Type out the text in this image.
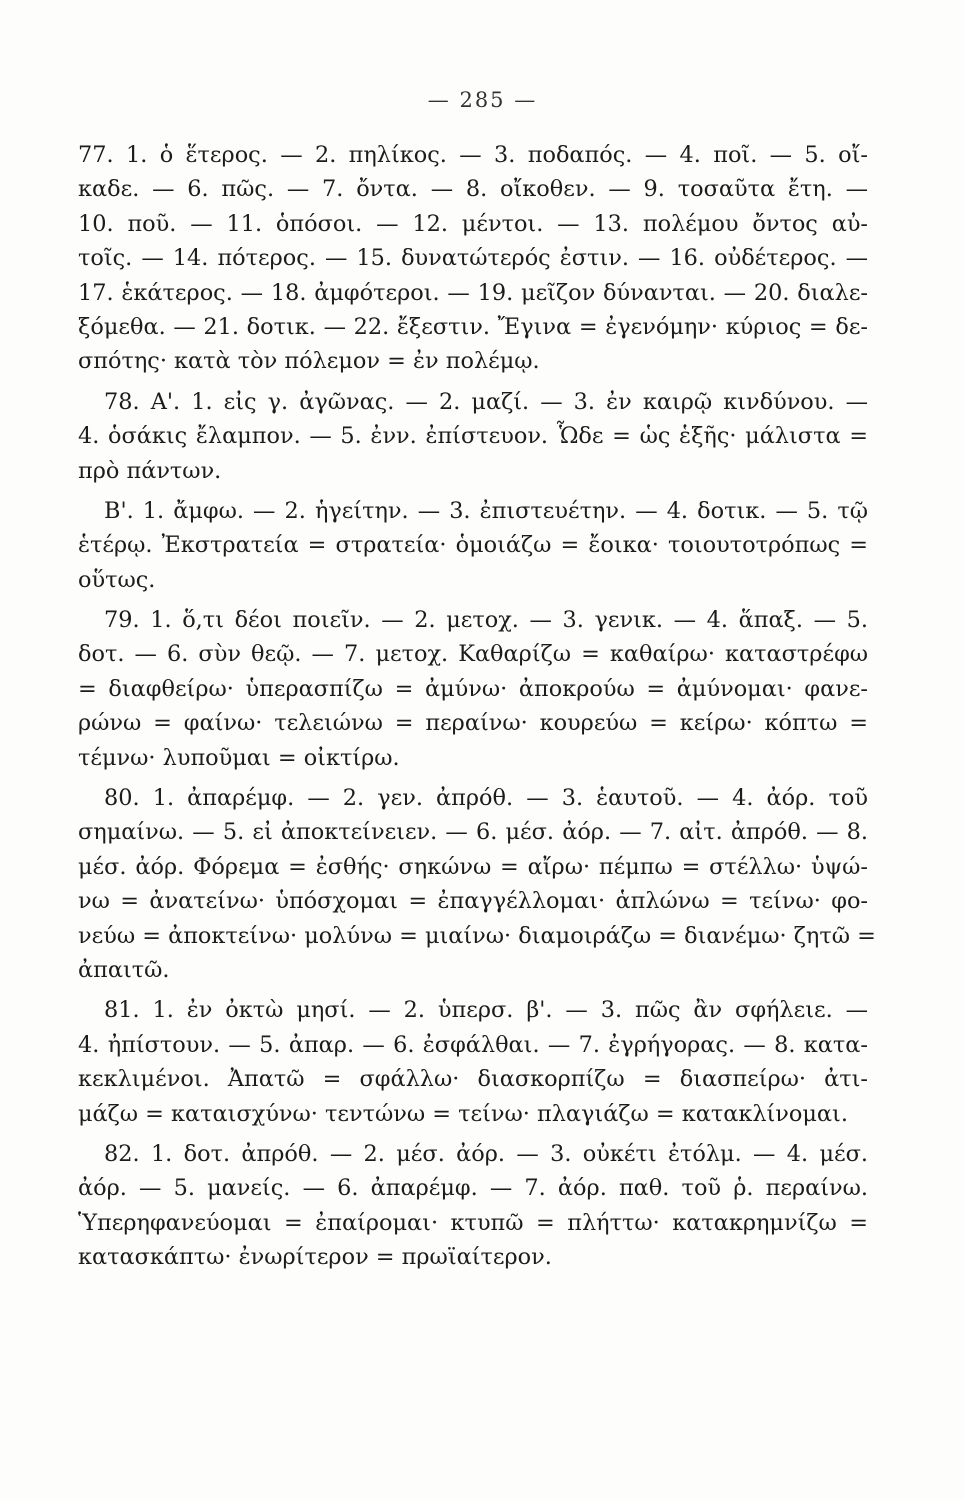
— 285 —
77. 1. ὁ ἕτερος. — 2. πηλίκος. — 3. ποδαπός. — 4. ποῖ. — 5. οἴ-
καδε. — 6. πῶς. — 7. ὄντα. — 8. οἴκοθεν. — 9. τοσαῦτα ἔτη. —
10. ποῦ. — 11. ὁπόσοι. — 12. μέντοι. — 13. πολέμου ὄντος αὐ-
τοῖς. — 14. πότερος. — 15. δυνατώτερός ἐστιν. — 16. οὐδέτερος. —
17. ἑκάτερος. — 18. ἀμφότεροι. — 19. μεῖζον δύνανται. — 20. διαλε-
ξόμεθα. — 21. δοτικ. — 22. ἔξεστιν. Ἔγινα = ἐγενόμην· κύριος = δε-
σπότης· κατὰ τὸν πόλεμον = ἐν πολέμῳ.
78. Α'. 1. εἰς γ. ἀγῶνας. — 2. μαζί. — 3. ἐν καιρῷ κινδύνου. —
4. ὁσάκις ἔλαμπον. — 5. ἐνν. ἐπίστευον. Ὧδε = ὡς ἑξῆς· μάλιστα =
πρὸ πάντων.
Β'. 1. ἄμφω. — 2. ἡγείτην. — 3. ἐπιστευέτην. — 4. δοτικ. — 5. τῷ
ἑτέρῳ. Ἐκστρατεία = στρατεία· ὁμοιάζω = ἔοικα· τοιουτοτρόπως =
οὕτως.
79. 1. ὅ,τι δέοι ποιεῖν. — 2. μετοχ. — 3. γενικ. — 4. ἅπαξ. — 5.
δοτ. — 6. σὺν θεῷ. — 7. μετοχ. Καθαρίζω = καθαίρω· καταστρέφω
= διαφθείρω· ὑπερασπίζω = ἀμύνω· ἀποκρούω = ἀμύνομαι· φανε-
ρώνω = φαίνω· τελειώνω = περαίνω· κουρεύω = κείρω· κόπτω =
τέμνω· λυποῦμαι = οἰκτίρω.
80. 1. ἀπαρέμφ. — 2. γεν. ἀπρόθ. — 3. ἑαυτοῦ. — 4. ἀόρ. τοῦ
σημαίνω. — 5. εἰ ἀποκτείνειεν. — 6. μέσ. ἀόρ. — 7. αἰτ. ἀπρόθ. — 8.
μέσ. ἀόρ. Φόρεμα = ἐσθής· σηκώνω = αἴρω· πέμπω = στέλλω· ὑψώ-
νω = ἀνατείνω· ὑπόσχομαι = ἐπαγγέλλομαι· ἁπλώνω = τείνω· φο-
νεύω = ἀποκτείνω· μολύνω = μιαίνω· διαμοιράζω = διανέμω· ζητῶ =
ἀπαιτῶ.
81. 1. ἐν ὀκτὼ μησί. — 2. ὑπερσ. β'. — 3. πῶς ἂν σφήλειε. —
4. ἠπίστουν. — 5. ἀπαρ. — 6. ἐσφάλθαι. — 7. ἐγρήγορας. — 8. κατα-
κεκλιμένοι. Ἀπατῶ = σφάλλω· διασκορπίζω = διασπείρω· ἀτι-
μάζω = καταισχύνω· τεντώνω = τείνω· πλαγιάζω = κατακλίνομαι.
82. 1. δοτ. ἀπρόθ. — 2. μέσ. ἀόρ. — 3. οὐκέτι ἐτόλμ. — 4. μέσ.
ἀόρ. — 5. μανείς. — 6. ἀπαρέμφ. — 7. ἀόρ. παθ. τοῦ ῥ. περαίνω.
Ὑπερηφανεύομαι = ἐπαίρομαι· κτυπῶ = πλήττω· κατακρημνίζω =
κατασκάπτω· ἐνωρίτερον = πρωϊαίτερον.
